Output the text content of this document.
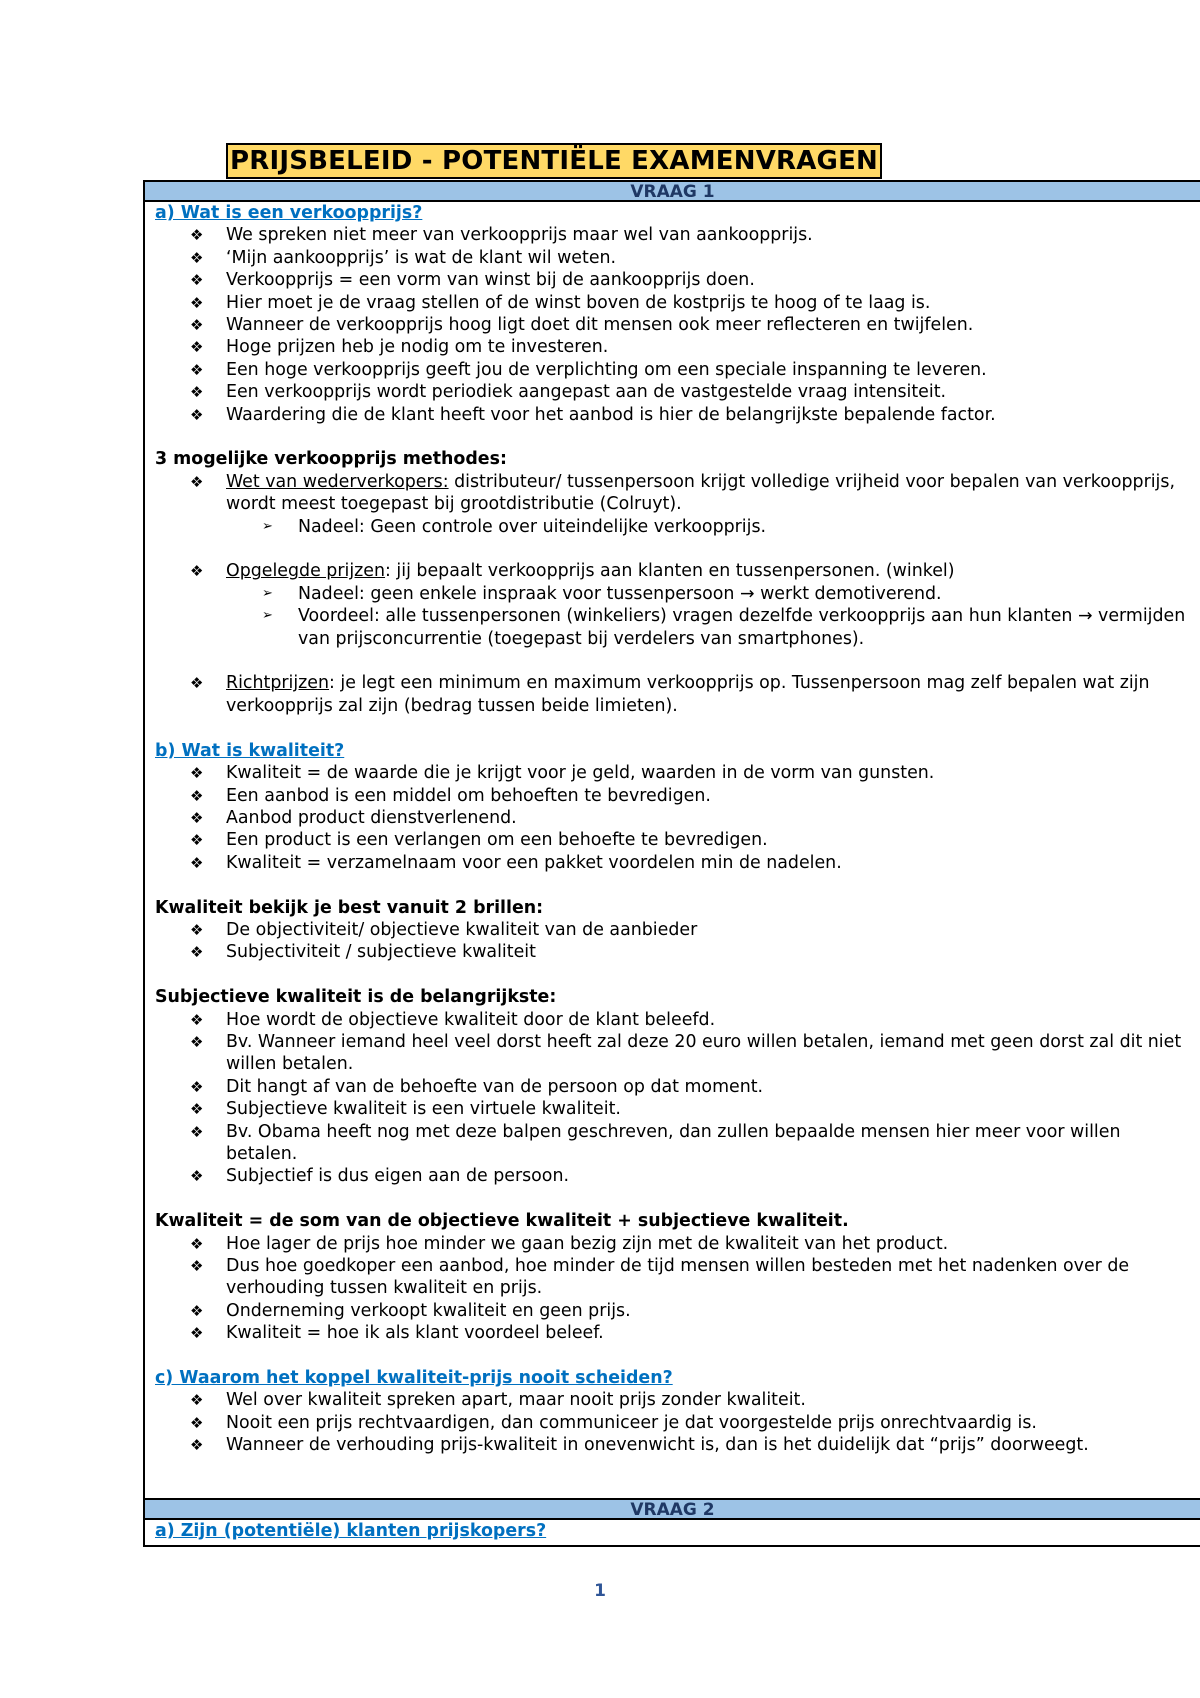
PRIJSBELEID - POTENTIËLE EXAMENVRAGEN
VRAAG 1
a) Wat is een verkoopprijs?
❖ We spreken niet meer van verkoopprijs maar wel van aankoopprijs.
❖ ‘Mijn aankoopprijs’ is wat de klant wil weten.
❖ Verkoopprijs = een vorm van winst bij de aankoopprijs doen.
❖ Hier moet je de vraag stellen of de winst boven de kostprijs te hoog of te laag is.
❖ Wanneer de verkoopprijs hoog ligt doet dit mensen ook meer reflecteren en twijfelen.
❖ Hoge prijzen heb je nodig om te investeren.
❖ Een hoge verkoopprijs geeft jou de verplichting om een speciale inspanning te leveren.
❖ Een verkoopprijs wordt periodiek aangepast aan de vastgestelde vraag intensiteit.
❖ Waardering die de klant heeft voor het aanbod is hier de belangrijkste bepalende factor.
3 mogelijke verkoopprijs methodes:
❖ Wet van wederverkopers: distributeur/ tussenpersoon krijgt volledige vrijheid voor bepalen van verkoopprijs, wordt meest toegepast bij grootdistributie (Colruyt).
➢ Nadeel: Geen controle over uiteindelijke verkoopprijs.
❖ Opgelegde prijzen: jij bepaalt verkoopprijs aan klanten en tussenpersonen. (winkel)
➢ Nadeel: geen enkele inspraak voor tussenpersoon → werkt demotiverend.
➢ Voordeel: alle tussenpersonen (winkeliers) vragen dezelfde verkoopprijs aan hun klanten → vermijden van prijsconcurrentie (toegepast bij verdelers van smartphones).
❖ Richtprijzen: je legt een minimum en maximum verkoopprijs op. Tussenpersoon mag zelf bepalen wat zijn verkoopprijs zal zijn (bedrag tussen beide limieten).
b) Wat is kwaliteit?
❖ Kwaliteit = de waarde die je krijgt voor je geld, waarden in de vorm van gunsten.
❖ Een aanbod is een middel om behoeften te bevredigen.
❖ Aanbod product dienstverlenend.
❖ Een product is een verlangen om een behoefte te bevredigen.
❖ Kwaliteit = verzamelnaam voor een pakket voordelen min de nadelen.
Kwaliteit bekijk je best vanuit 2 brillen:
❖ De objectiviteit/ objectieve kwaliteit van de aanbieder
❖ Subjectiviteit / subjectieve kwaliteit
Subjectieve kwaliteit is de belangrijkste:
❖ Hoe wordt de objectieve kwaliteit door de klant beleefd.
❖ Bv. Wanneer iemand heel veel dorst heeft zal deze 20 euro willen betalen, iemand met geen dorst zal dit niet willen betalen.
❖ Dit hangt af van de behoefte van de persoon op dat moment.
❖ Subjectieve kwaliteit is een virtuele kwaliteit.
❖ Bv. Obama heeft nog met deze balpen geschreven, dan zullen bepaalde mensen hier meer voor willen betalen.
❖ Subjectief is dus eigen aan de persoon.
Kwaliteit = de som van de objectieve kwaliteit + subjectieve kwaliteit.
❖ Hoe lager de prijs hoe minder we gaan bezig zijn met de kwaliteit van het product.
❖ Dus hoe goedkoper een aanbod, hoe minder de tijd mensen willen besteden met het nadenken over de verhouding tussen kwaliteit en prijs.
❖ Onderneming verkoopt kwaliteit en geen prijs.
❖ Kwaliteit = hoe ik als klant voordeel beleef.
c) Waarom het koppel kwaliteit-prijs nooit scheiden?
❖ Wel over kwaliteit spreken apart, maar nooit prijs zonder kwaliteit.
❖ Nooit een prijs rechtvaardigen, dan communiceer je dat voorgestelde prijs onrechtvaardig is.
❖ Wanneer de verhouding prijs-kwaliteit in onevenwicht is, dan is het duidelijk dat “prijs” doorweegt.
VRAAG 2
a) Zijn (potentiële) klanten prijskopers?
1
